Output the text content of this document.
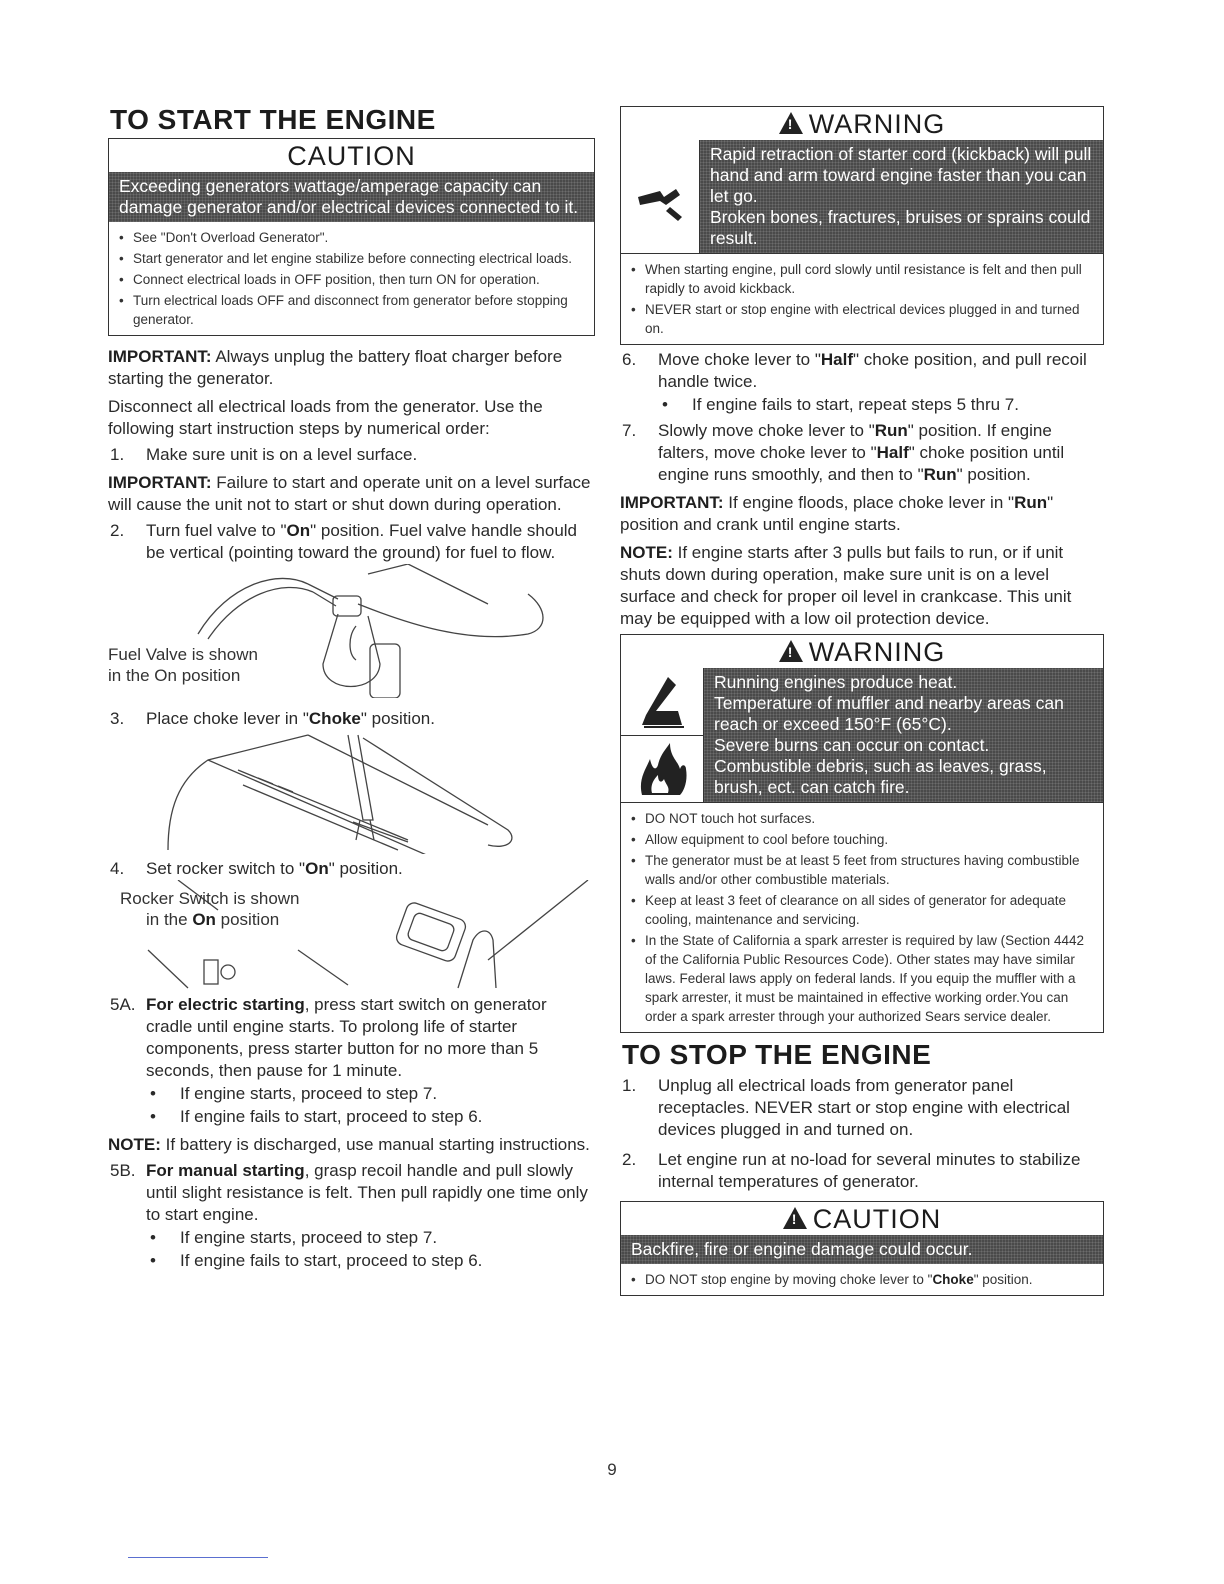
TO START THE ENGINE
CAUTION
Exceeding generators wattage/amperage capacity can damage generator and/or electrical devices connected to it.
• See "Don't Overload Generator".
• Start generator and let engine stabilize before connecting electrical loads.
• Connect electrical loads in OFF position, then turn ON for operation.
• Turn electrical loads OFF and disconnect from generator before stopping generator.

IMPORTANT: Always unplug the battery float charger before starting the generator.

Disconnect all electrical loads from the generator. Use the following start instruction steps by numerical order:

1. Make sure unit is on a level surface.

IMPORTANT: Failure to start and operate unit on a level surface will cause the unit not to start or shut down during operation.

2. Turn fuel valve to "On" position. Fuel valve handle should be vertical (pointing toward the ground) for fuel to flow.
Fuel Valve is shown
in the On position
3. Place choke lever in "Choke" position.
4. Set rocker switch to "On" position.
Rocker Switch is shown
in the On position
5A. For electric starting, press start switch on generator cradle until engine starts. To prolong life of starter components, press starter button for no more than 5 seconds, then pause for 1 minute.
• If engine starts, proceed to step 7.
• If engine fails to start, proceed to step 6.

NOTE: If battery is discharged, use manual starting instructions.

5B. For manual starting, grasp recoil handle and pull slowly until slight resistance is felt. Then pull rapidly one time only to start engine.
• If engine starts, proceed to step 7.
• If engine fails to start, proceed to step 6.
!WARNING
Rapid retraction of starter cord (kickback) will pull hand and arm toward engine faster than you can let go.
Broken bones, fractures, bruises or sprains could result.
• When starting engine, pull cord slowly until resistance is felt and then pull rapidly to avoid kickback.
• NEVER start or stop engine with electrical devices plugged in and turned on.
6. Move choke lever to "Half" choke position, and pull recoil handle twice.
• If engine fails to start, repeat steps 5 thru 7.
7. Slowly move choke lever to "Run" position. If engine falters, move choke lever to "Half" choke position until engine runs smoothly, and then to "Run" position.

IMPORTANT: If engine floods, place choke lever in "Run" position and crank until engine starts.

NOTE: If engine starts after 3 pulls but fails to run, or if unit shuts down during operation, make sure unit is on a level surface and check for proper oil level in crankcase. This unit may be equipped with a low oil protection device.

!WARNING
Running engines produce heat.
Temperature of muffler and nearby areas can reach or exceed 150°F (65°C).
Severe burns can occur on contact.
Combustible debris, such as leaves, grass, brush, ect. can catch fire.
• DO NOT touch hot surfaces.
• Allow equipment to cool before touching.
• The generator must be at least 5 feet from structures having combustible walls and/or other combustible materials.
• Keep at least 3 feet of clearance on all sides of generator for adequate cooling, maintenance and servicing.
• In the State of California a spark arrester is required by law (Section 4442 of the California Public Resources Code). Other states may have similar laws. Federal laws apply on federal lands. If you equip the muffler with a spark arrester, it must be maintained in effective working order.You can order a spark arrester through your authorized Sears service dealer.
TO STOP THE ENGINE
1. Unplug all electrical loads from generator panel receptacles. NEVER start or stop engine with electrical devices plugged in and turned on.
2. Let engine run at no-load for several minutes to stabilize internal temperatures of generator.
!CAUTION
Backfire, fire or engine damage could occur.
• DO NOT stop engine by moving choke lever to "Choke" position.
9
